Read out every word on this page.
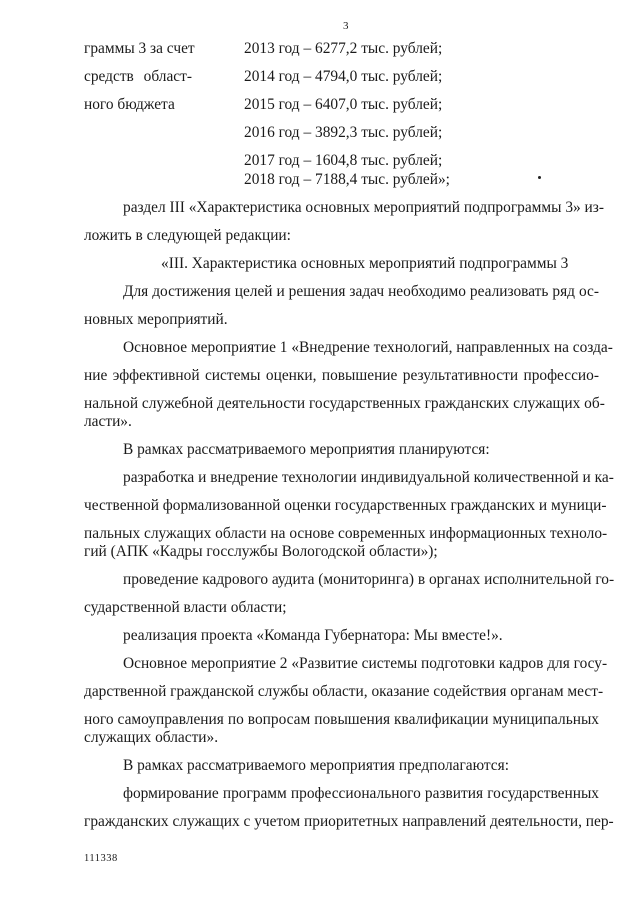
3
граммы 3 за счет
средств област-
ного бюджета
2013 год – 6277,2 тыс. рублей;
2014 год – 4794,0 тыс. рублей;
2015 год – 6407,0 тыс. рублей;
2016 год – 3892,3 тыс. рублей;
2017 год – 1604,8 тыс. рублей;
2018 год – 7188,4 тыс. рублей»;
раздел III «Характеристика основных мероприятий подпрограммы 3» из-
ложить в следующей редакции:
«III. Характеристика основных мероприятий подпрограммы 3
Для достижения целей и решения задач необходимо реализовать ряд ос-
новных мероприятий.
Основное мероприятие 1 «Внедрение технологий, направленных на созда-
ние эффективной системы оценки, повышение результативности профессио-
нальной служебной деятельности государственных гражданских служащих об-
ласти».
В рамках рассматриваемого мероприятия планируются:
разработка и внедрение технологии индивидуальной количественной и ка-
чественной формализованной оценки государственных гражданских и муници-
пальных служащих области на основе современных информационных техноло-
гий (АПК «Кадры госслужбы Вологодской области»);
проведение кадрового аудита (мониторинга) в органах исполнительной го-
сударственной власти области;
реализация проекта «Команда Губернатора: Мы вместе!».
Основное мероприятие 2 «Развитие системы подготовки кадров для госу-
дарственной гражданской службы области, оказание содействия органам мест-
ного самоуправления по вопросам повышения квалификации муниципальных
служащих области».
В рамках рассматриваемого мероприятия предполагаются:
формирование программ профессионального развития государственных
гражданских служащих с учетом приоритетных направлений деятельности, пер-
111338
